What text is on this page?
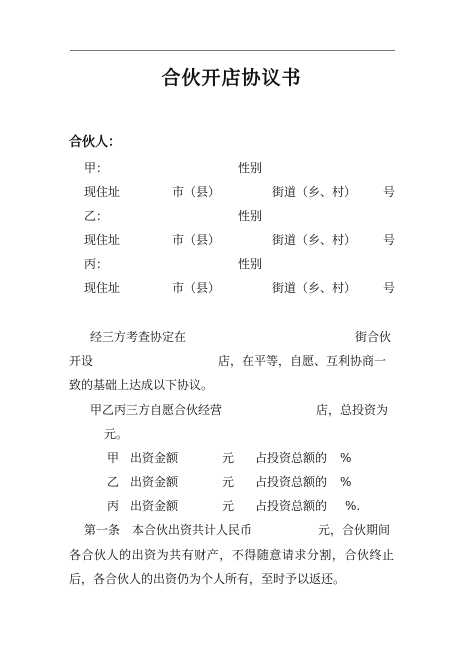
合伙开店协议书
合伙人：
甲：	性别
现住址	市（县）	街道（乡、村） 号
乙：	性别
现住址	市（县）	街道（乡、村） 号
丙：	性别
现住址	市（县）	街道（乡、村） 号
经三方考查协定在	街合伙
开设	店，在平等，自愿、互利协商一
致的基础上达成以下协议。
甲乙丙三方自愿合伙经营	店，总投资为
元。
甲 出资金额	元 占投资总额的 %
乙 出资金额	元 占投资总额的 %
丙 出资金额	元 占投资总额的 %.
第一条　本合伙出资共计人民币	元，合伙期间
各合伙人的出资为共有财产，不得随意请求分割，合伙终止
后，各合伙人的出资仍为个人所有，至时予以返还。
